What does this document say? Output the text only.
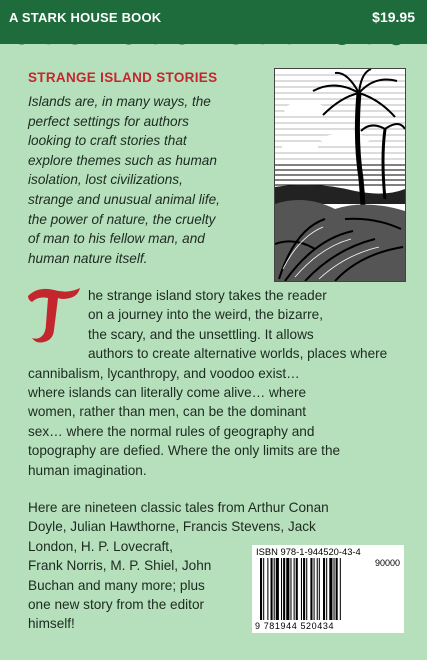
A STARK HOUSE BOOK	$19.95
STRANGE ISLAND STORIES
Islands are, in many ways, the
perfect settings for authors
looking to craft stories that
explore themes such as human
isolation, lost civilizations,
strange and unusual animal life,
the power of nature, the cruelty
of man to his fellow man, and
human nature itself.
T
he strange island story takes the reader
on a journey into the weird, the bizarre,
the scary, and the unsettling. It allows
authors to create alternative worlds, places where
cannibalism, lycanthropy, and voodoo exist…
where islands can literally come alive… where
women, rather than men, can be the dominant
sex… where the normal rules of geography and
topography are defied. Where the only limits are the
human imagination.
Here are nineteen classic tales from Arthur Conan
Doyle, Julian Hawthorne, Francis Stevens, Jack
London, H. P. Lovecraft,
Frank Norris, M. P. Shiel, John
Buchan and many more; plus
one new story from the editor
himself!
ISBN 978-1-944520-43-4
90000
9 781944 520434
